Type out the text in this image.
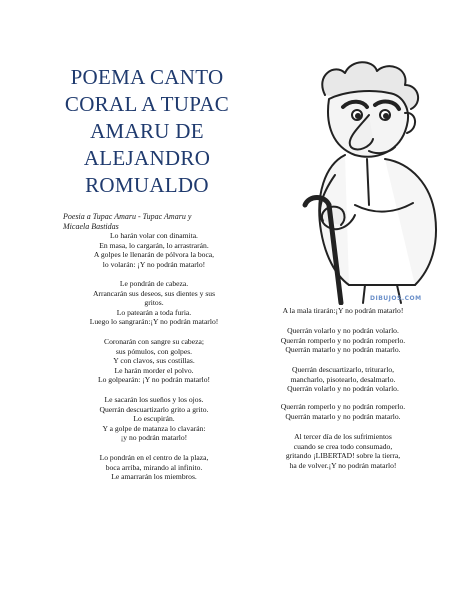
POEMA CANTO
CORAL A TUPAC
AMARU DE
ALEJANDRO
ROMUALDO
Poesia a Tupac Amaru - Tupac Amaru y
Micaela Bastidas
Lo harán volar con dinamita.
En masa, lo cargarán, lo arrastrarán.
A golpes le llenarán de pólvora la boca,
lo volarán: ¡Y no podrán matarlo!
Le pondrán de cabeza.
Arrancarán sus deseos, sus dientes y sus
gritos.
Lo patearán a toda furia.
Luego lo sangrarán:¡Y no podrán matarlo!
Coronarán con sangre su cabeza;
sus pómulos, con golpes.
Y con clavos, sus costillas.
Le harán morder el polvo.
Lo golpearán: ¡Y no podrán matarlo!
Le sacarán los sueños y los ojos.
Querrán descuartizarlo grito a grito.
Lo escupirán.
Y a golpe de matanza lo clavarán:
¡y no podrán matarlo!
Lo pondrán en el centro de la plaza,
boca arriba, mirando al infinito.
Le amarrarán los miembros.
DIBUJOS.COM
A la mala tirarán:¡Y no podrán matarlo!
Querrán volarlo y no podrán volarlo.
Querrán romperlo y no podrán romperlo.
Querrán matarlo y no podrán matarlo.
Querrán descuartizarlo, triturarlo,
mancharlo, pisotearlo, desalmarlo.
Querrán volarlo y no podrán volarlo.
Querrán romperlo y no podrán romperlo.
Querrán matarlo y no podrán matarlo.
Al tercer día de los sufrimientos
cuando se crea todo consumado,
gritando ¡LIBERTAD! sobre la tierra,
ha de volver.¡Y no podrán matarlo!
